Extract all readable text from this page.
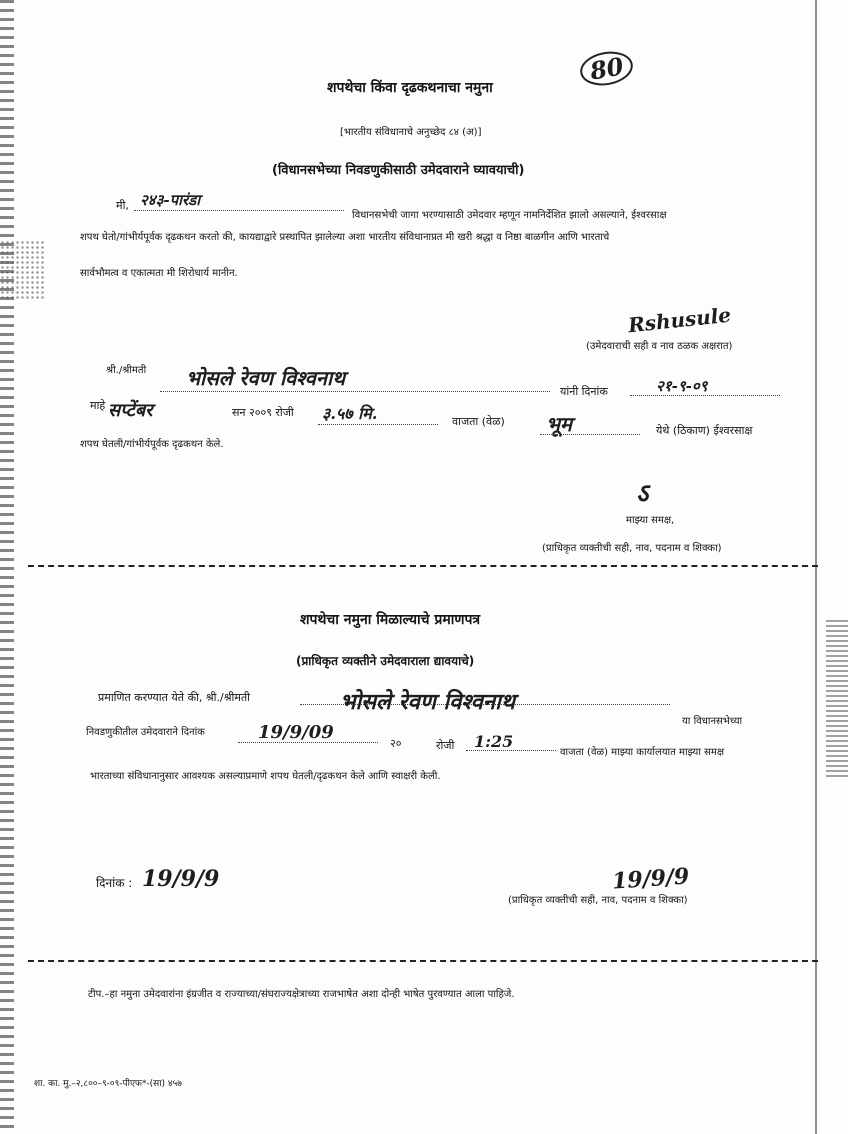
शपथेचा किंवा दृढकथनाचा नमुना
80
[भारतीय संविधानाचे अनुच्छेद ८४ (अ)]
(विधानसभेच्या निवडणुकीसाठी उमेदवाराने घ्यावयाची)
मी, २४३-पारंडा
विधानसभेची जागा भरण्यासाठी उमेदवार म्हणून नामनिर्देशित झालो असल्याने, ईश्वरसाक्ष
शपथ घेतो/गांभीर्यपूर्वक दृढकथन करतो की, कायद्याद्वारे प्रस्थापित झालेल्या अशा भारतीय संविधानाप्रत मी खरी श्रद्धा व निष्ठा बाळगीन आणि भारताचे
सार्वभौमत्व व एकात्मता मी शिरोधार्य मानीन.
Rshusule
(उमेदवाराची सही व नाव ठळक अक्षरात)
श्री./श्रीमती भोसले रेवण विश्वनाथ
यांनी दिनांक	२१-९-०९
माहे सप्टेंबर	सन २००९ रोजी ३.५७ मि.	वाजता (वेळ) भूम	येथे (ठिकाण) ईश्वरसाक्ष
शपथ घेतली/गांभीर्यपूर्वक दृढकथन केले.
ऽ
माझ्या समक्ष,
(प्राधिकृत व्यक्तीची सही, नाव, पदनाम व शिक्का)
शपथेचा नमुना मिळाल्याचे प्रमाणपत्र
(प्राधिकृत व्यक्तीने उमेदवाराला द्यावयाचे)
प्रमाणित करण्यात येते की, श्री./श्रीमती	भोसले रेवण विश्वनाथ
या विधानसभेच्या
निवडणुकीतील उमेदवाराने दिनांक	19/9/09
२०	रोजी 1:25
वाजता (वेळ) माझ्या कार्यालयात माझ्या समक्ष
भारताच्या संविधानानुसार आवश्यक असल्याप्रमाणे शपथ घेतली/दृढकथन केले आणि स्वाक्षरी केली.
दिनांक : 19/9/9	19/9/9
(प्राधिकृत व्यक्तीची सही, नाव, पदनाम व शिक्का)
टीप.–हा नमुना उमेदवारांना इंग्रजीत व राज्याच्या/संघराज्यक्षेत्राच्या राजभाषेत अशा दोन्ही भाषेत पुरवण्यात आला पाहिजे.
शा. का. मु.–२,८००–९-०९-पीएफ*-(सा) ४५७
